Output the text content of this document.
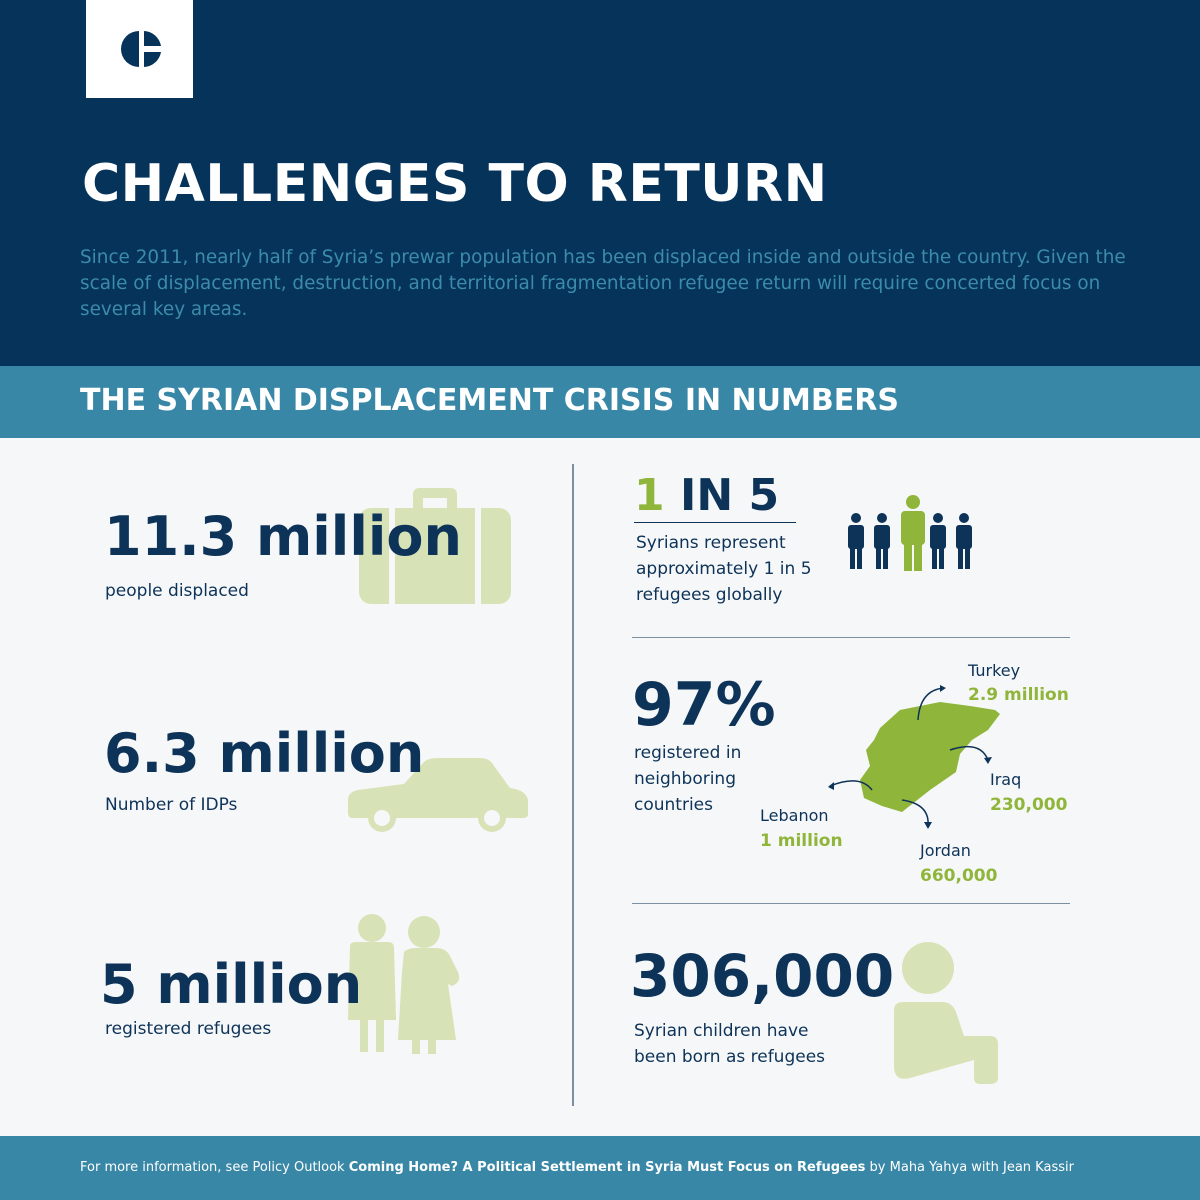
CHALLENGES TO RETURN
Since 2011, nearly half of Syria’s prewar population has been displaced inside and outside the country. Given the scale of displacement, destruction, and territorial fragmentation refugee return will require concerted focus on several key areas.
THE SYRIAN DISPLACEMENT CRISIS IN NUMBERS
11.3 million
people displaced
6.3 million
Number of IDPs
5 million
registered refugees
1 IN 5
Syrians represent
approximately 1 in 5
refugees globally
97%
registered in
neighboring
countries
Turkey
2.9 million
Iraq
230,000
Lebanon
1 million	Jordan
660,000
306,000
Syrian children have
been born as refugees
For more information, see Policy Outlook Coming Home? A Political Settlement in Syria Must Focus on Refugees by Maha Yahya with Jean Kassir
